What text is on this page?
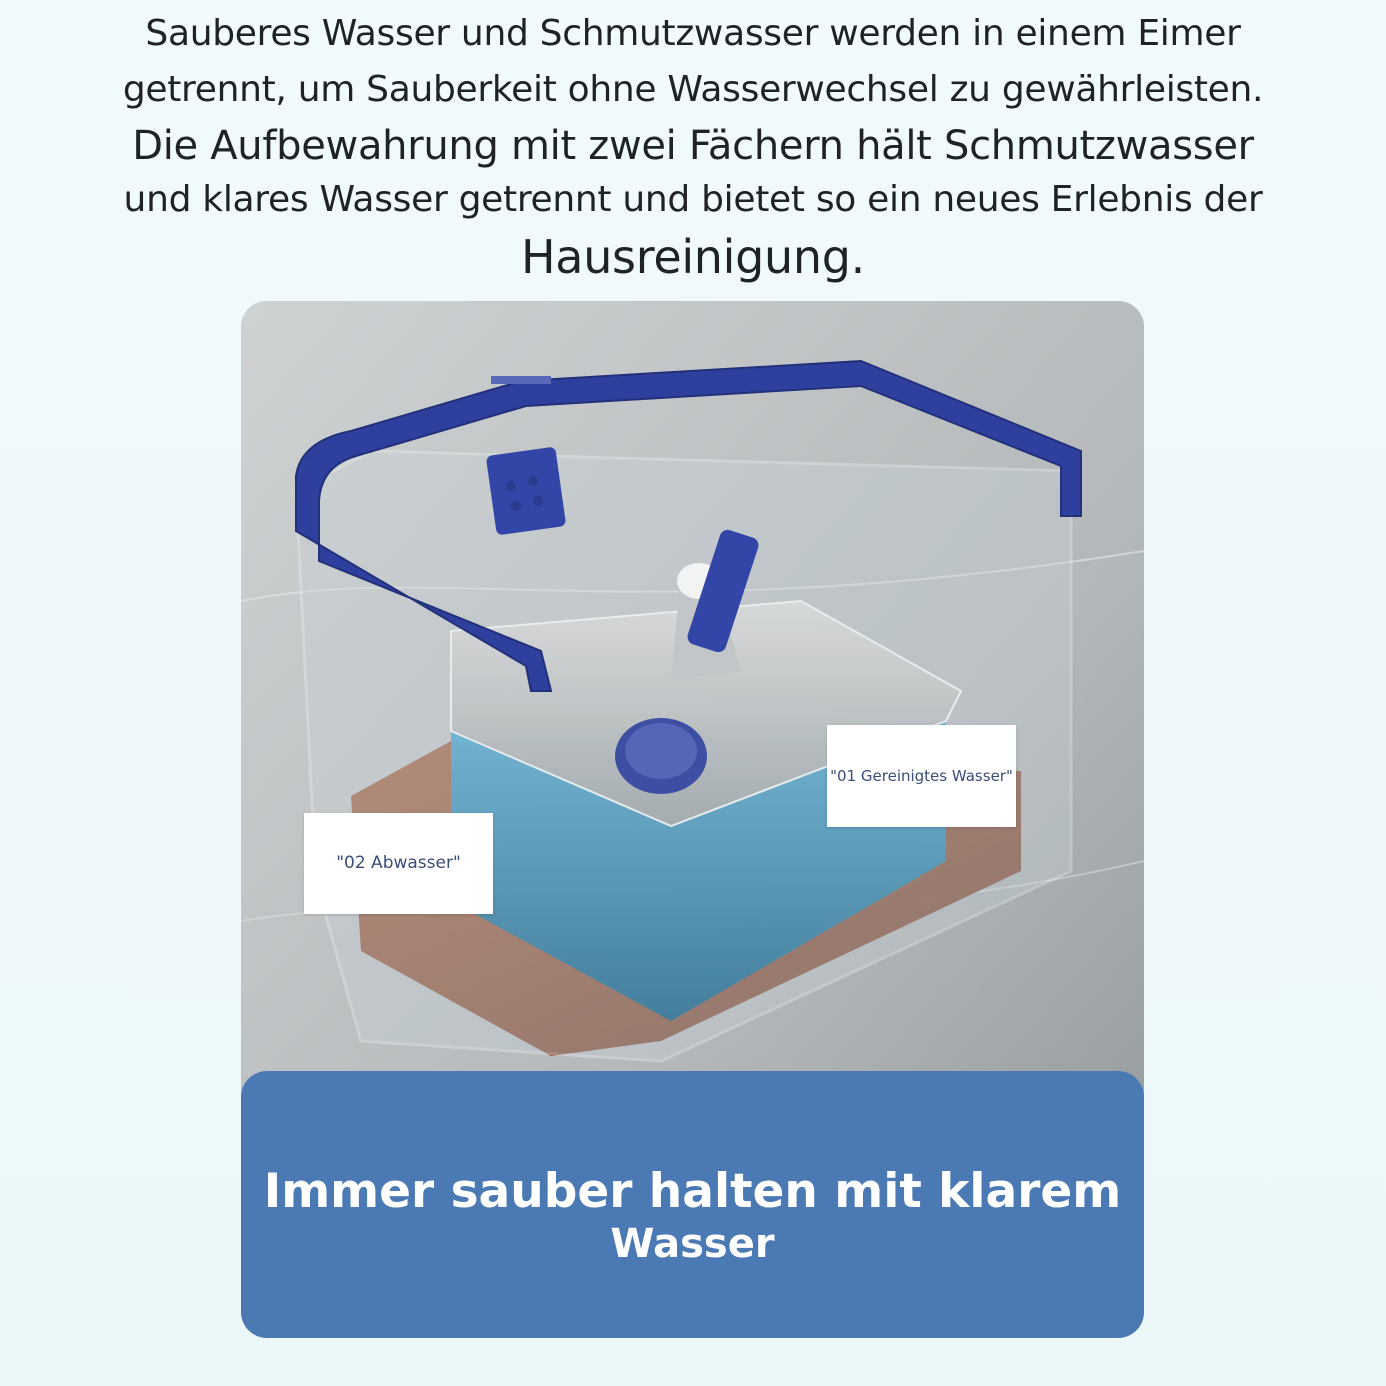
Sauberes Wasser und Schmutzwasser werden in einem Eimer
getrennt, um Sauberkeit ohne Wasserwechsel zu gewährleisten.
Die Aufbewahrung mit zwei Fächern hält Schmutzwasser
und klares Wasser getrennt und bietet so ein neues Erlebnis der
Hausreinigung.
"01 Gereinigtes Wasser"
"02 Abwasser"
Immer sauber halten mit klarem
Wasser
